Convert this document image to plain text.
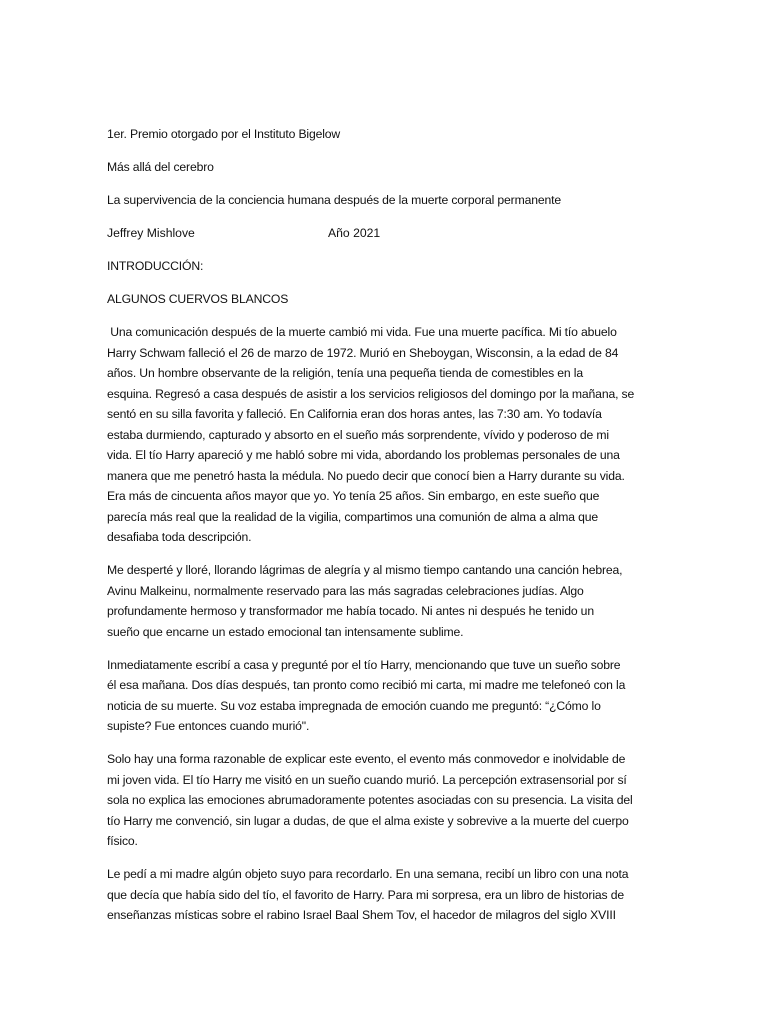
1er. Premio otorgado por el Instituto Bigelow
Más allá del cerebro
La supervivencia de la conciencia humana después de la muerte corporal permanente
Jeffrey Mishlove	Año 2021
INTRODUCCIÓN:
ALGUNOS CUERVOS BLANCOS
Una comunicación después de la muerte cambió mi vida. Fue una muerte pacífica. Mi tío abuelo
Harry Schwam falleció el 26 de marzo de 1972. Murió en Sheboygan, Wisconsin, a la edad de 84
años. Un hombre observante de la religión, tenía una pequeña tienda de comestibles en la
esquina. Regresó a casa después de asistir a los servicios religiosos del domingo por la mañana, se
sentó en su silla favorita y falleció. En California eran dos horas antes, las 7:30 am. Yo todavía
estaba durmiendo, capturado y absorto en el sueño más sorprendente, vívido y poderoso de mi
vida. El tío Harry apareció y me habló sobre mi vida, abordando los problemas personales de una
manera que me penetró hasta la médula. No puedo decir que conocí bien a Harry durante su vida.
Era más de cincuenta años mayor que yo. Yo tenía 25 años. Sin embargo, en este sueño que
parecía más real que la realidad de la vigilia, compartimos una comunión de alma a alma que
desafiaba toda descripción.
Me desperté y lloré, llorando lágrimas de alegría y al mismo tiempo cantando una canción hebrea,
Avinu Malkeinu, normalmente reservado para las más sagradas celebraciones judías. Algo
profundamente hermoso y transformador me había tocado. Ni antes ni después he tenido un
sueño que encarne un estado emocional tan intensamente sublime.
Inmediatamente escribí a casa y pregunté por el tío Harry, mencionando que tuve un sueño sobre
él esa mañana. Dos días después, tan pronto como recibió mi carta, mi madre me telefoneó con la
noticia de su muerte. Su voz estaba impregnada de emoción cuando me preguntó: “¿Cómo lo
supiste? Fue entonces cuando murió".
Solo hay una forma razonable de explicar este evento, el evento más conmovedor e inolvidable de
mi joven vida. El tío Harry me visitó en un sueño cuando murió. La percepción extrasensorial por sí
sola no explica las emociones abrumadoramente potentes asociadas con su presencia. La visita del
tío Harry me convenció, sin lugar a dudas, de que el alma existe y sobrevive a la muerte del cuerpo
físico.
Le pedí a mi madre algún objeto suyo para recordarlo. En una semana, recibí un libro con una nota
que decía que había sido del tío, el favorito de Harry. Para mi sorpresa, era un libro de historias de
enseñanzas místicas sobre el rabino Israel Baal Shem Tov, el hacedor de milagros del siglo XVIII
